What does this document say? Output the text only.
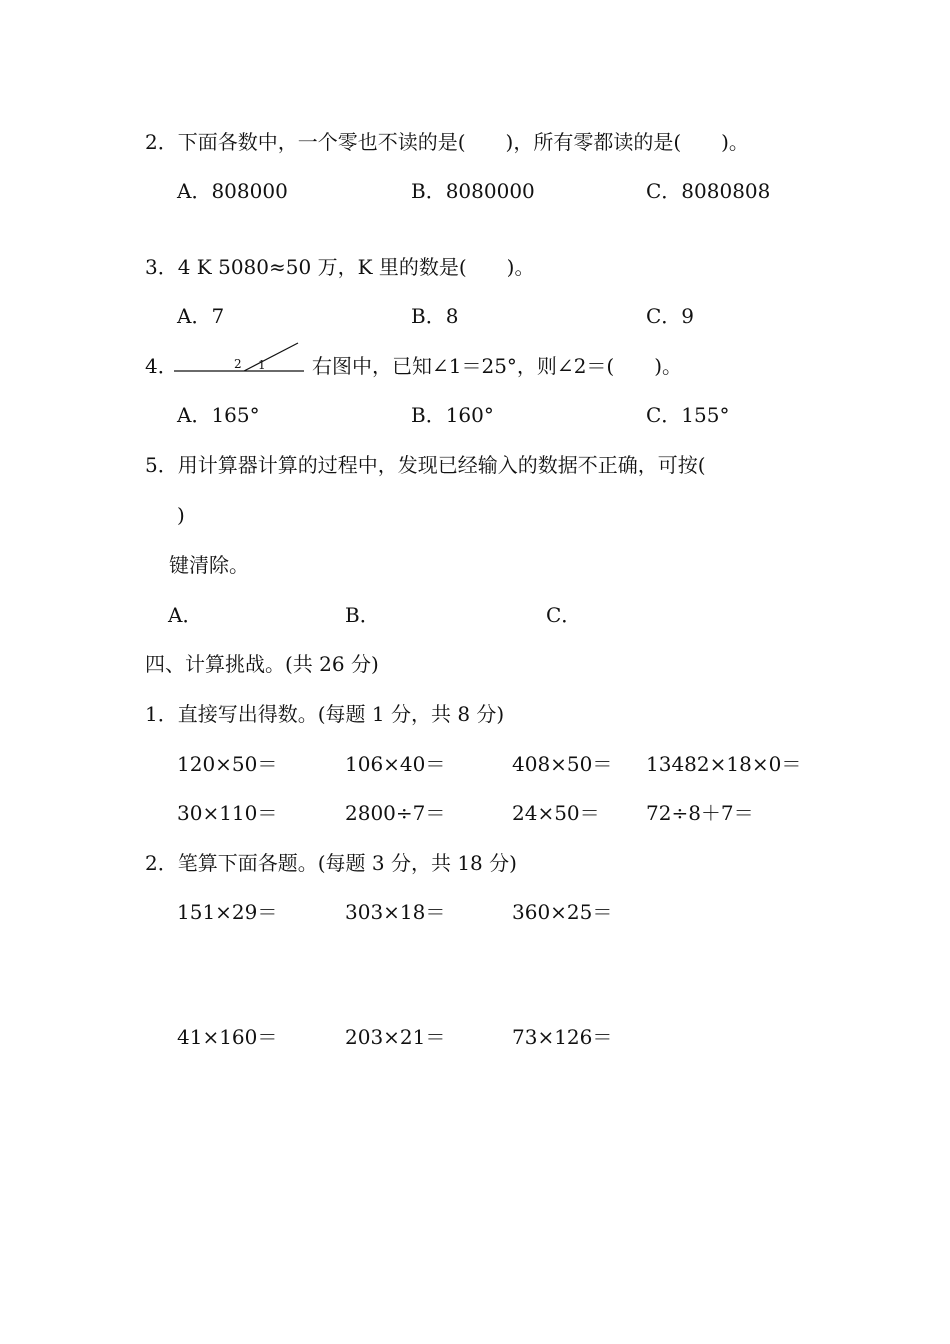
2．下面各数中，一个零也不读的是(　　)，所有零都读的是(　　)。
A．808000	B．8080000	C．8080808
3．4 K 5080≈50 万，K 里的数是(　　)。
A．7	B．8	C．9
4．	2 1 右图中，已知∠1＝25°，则∠2＝(　　)。
A．165°	B．160°	C．155°
5．用计算器计算的过程中，发现已经输入的数据不正确，可按(
)
键清除。
A．	B．	C．
四、计算挑战。(共 26 分)
1．直接写出得数。(每题 1 分，共 8 分)
120×50＝	106×40＝	408×50＝ 13482×18×0＝
30×110＝	2800÷7＝	24×50＝ 72÷8＋7＝
2．笔算下面各题。(每题 3 分，共 18 分)
151×29＝	303×18＝	360×25＝
41×160＝	203×21＝	73×126＝
